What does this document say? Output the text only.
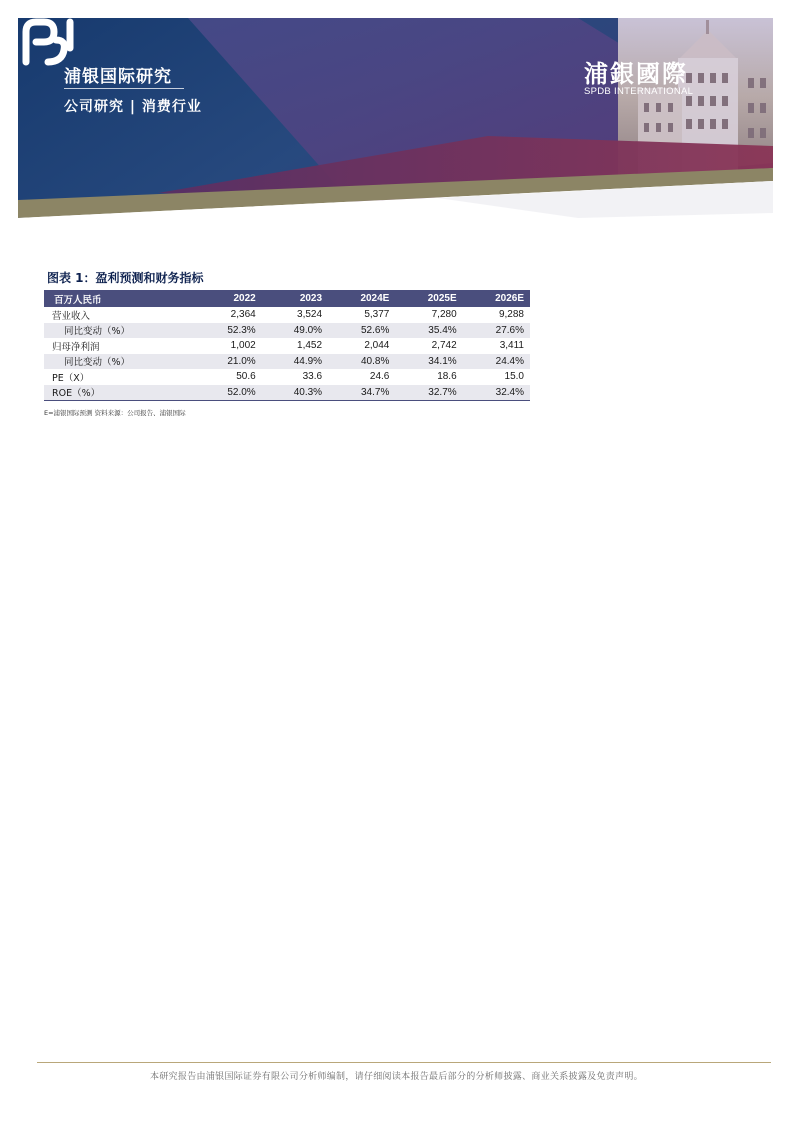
浦银国际研究
公司研究 | 消费行业
浦銀國際
SPDB INTERNATIONAL
图表 1：盈利预测和财务指标
百万人民币	2022	2023	2024E	2025E	2026E
营业收入	2,364	3,524	5,377	7,280	9,288
同比变动（%）	52.3%	49.0%	52.6%	35.4%	27.6%
归母净利润	1,002	1,452	2,044	2,742	3,411
同比变动（%）	21.0%	44.9%	40.8%	34.1%	24.4%
PE（X）	50.6	33.6	24.6	18.6	15.0
ROE（%）	52.0%	40.3%	34.7%	32.7%	32.4%
E=浦银国际预测 资料来源：公司报告、浦银国际
本研究报告由浦银国际证券有限公司分析师编制，请仔细阅读本报告最后部分的分析师披露、商业关系披露及免责声明。
